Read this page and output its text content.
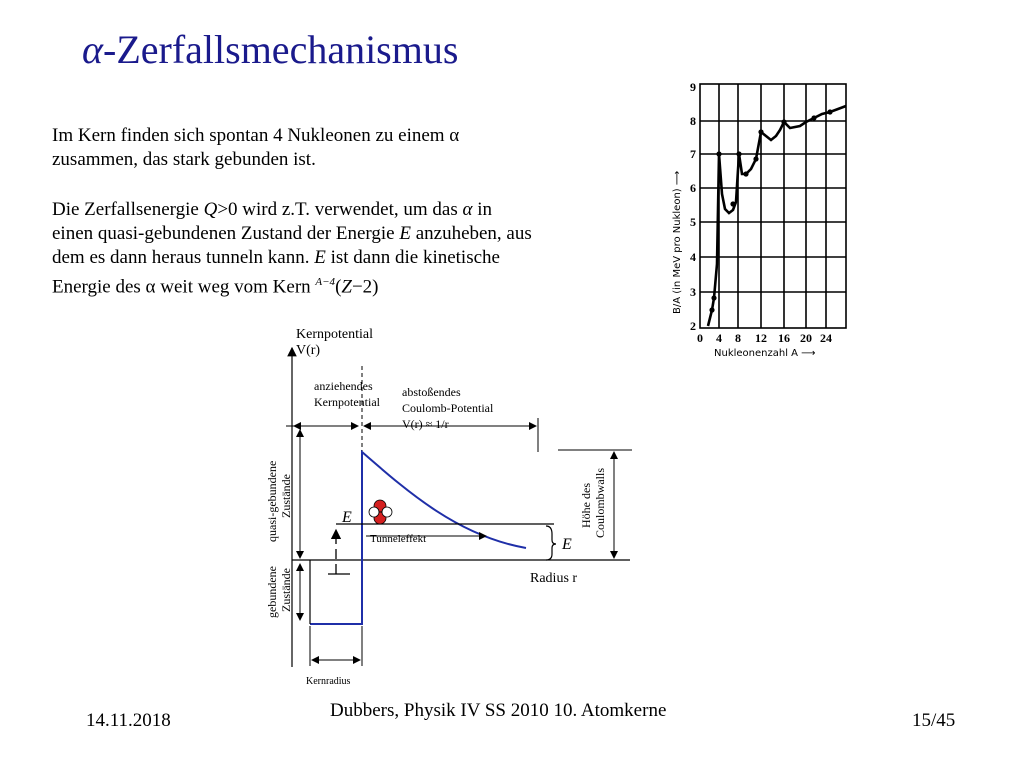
α-Zerfallsmechanismus
Im Kern finden sich spontan 4 Nukleonen zu einem α
zusammen, das stark gebunden ist.
Die Zerfallsenergie Q>0 wird z.T. verwendet, um das α in
einen quasi-gebundenen Zustand der Energie E anzuheben, aus
dem es dann heraus tunneln kann. E ist dann die kinetische
Energie des α weit weg vom Kern $^{A-4}$(Z−2)
9
8
7
6
5
4
3
2
B/A (in MeV pro Nukleon) ⟶
0 4 8 12 16 20 24
Nukleonenzahl A ⟶
Kernpotential
V(r)
Radius r
anziehendes
Kernpotential
abstoßendes
Coulomb-Potential
V(r) ≈ 1/r
quasi-gebundene Zustände
gebundene Zustände
E
Tunneleffekt	E
Höhe des Coulombwalls
Kernradius
14.11.2018	Dubbers, Physik IV SS 2010 10. Atomkerne	15/45
